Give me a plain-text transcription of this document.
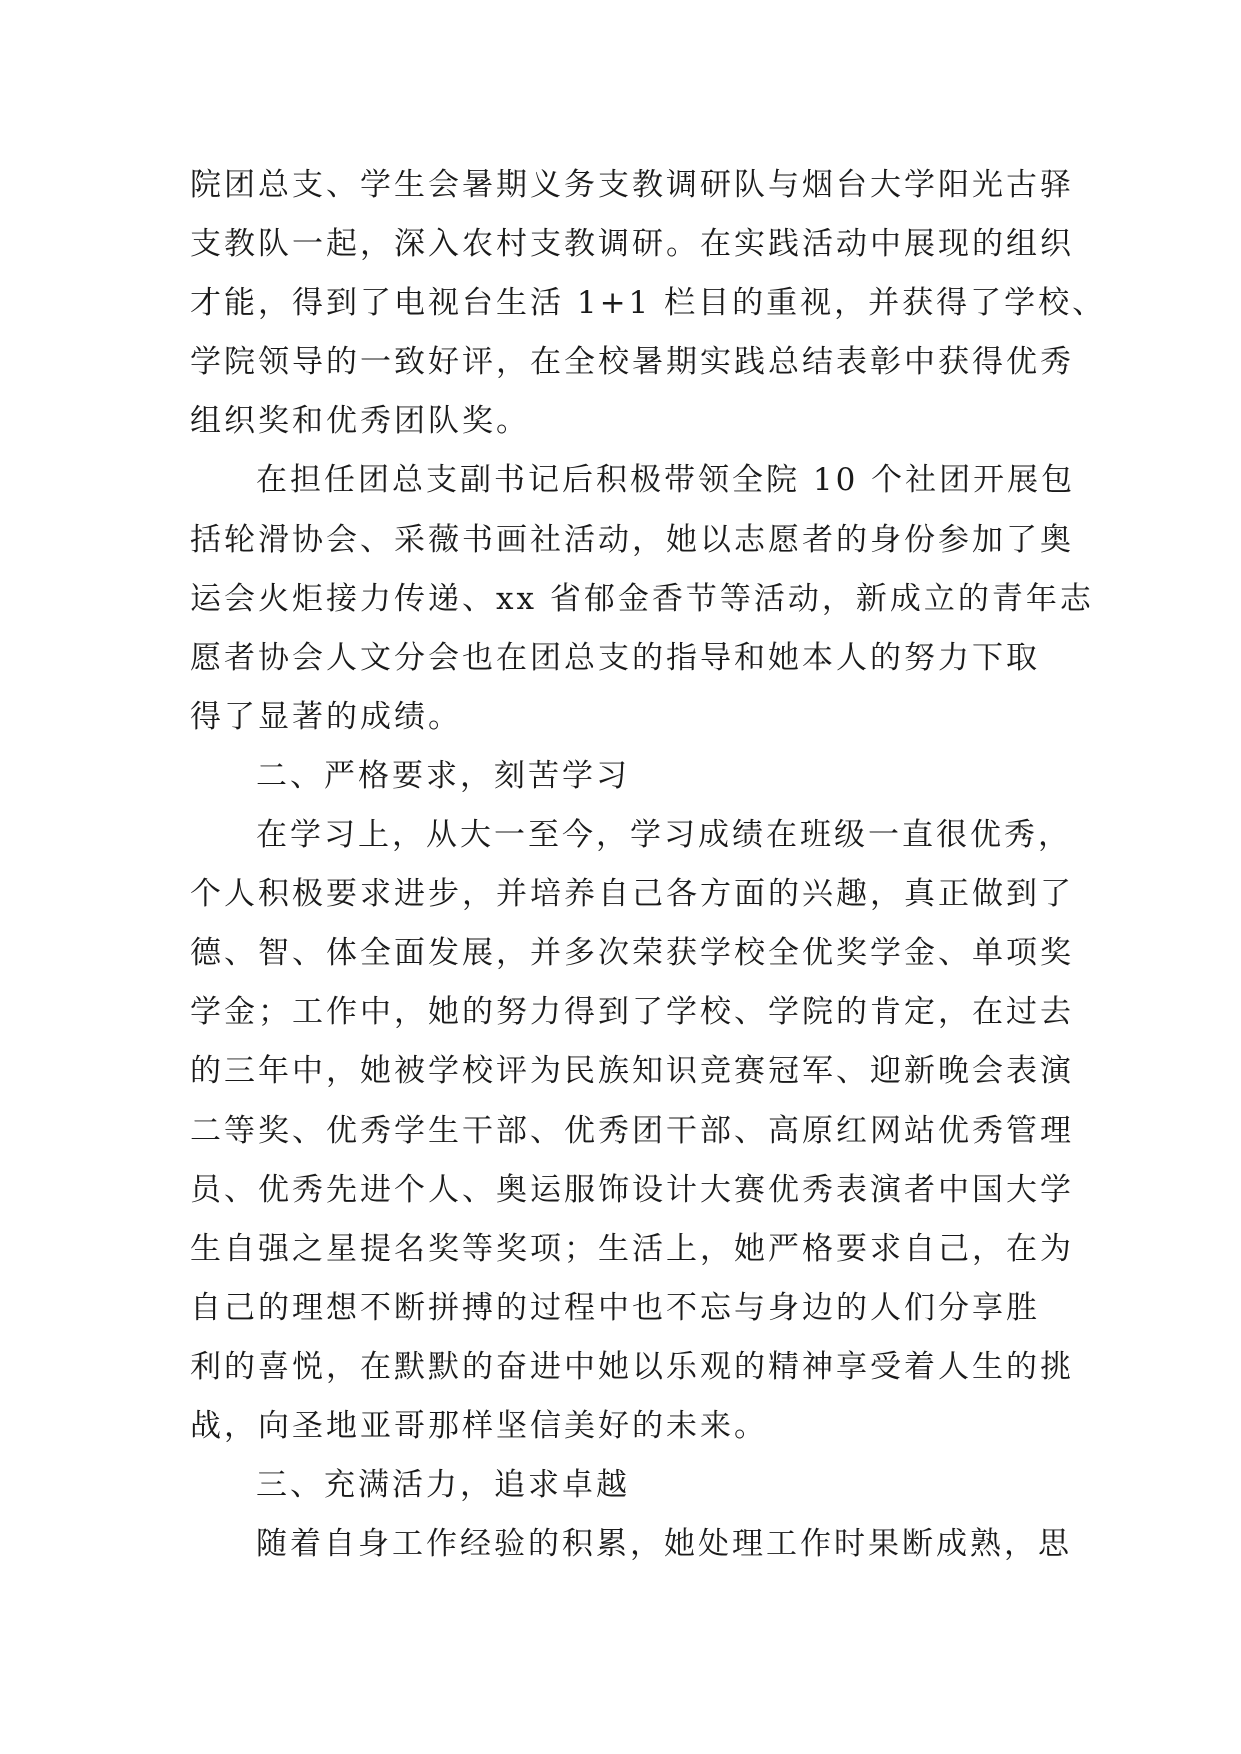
院团总支、学生会暑期义务支教调研队与烟台大学阳光古驿
支教队一起，深入农村支教调研。在实践活动中展现的组织
才能，得到了电视台生活 1+1 栏目的重视，并获得了学校、
学院领导的一致好评，在全校暑期实践总结表彰中获得优秀
组织奖和优秀团队奖。
在担任团总支副书记后积极带领全院 10 个社团开展包
括轮滑协会、采薇书画社活动，她以志愿者的身份参加了奥
运会火炬接力传递、xx 省郁金香节等活动，新成立的青年志
愿者协会人文分会也在团总支的指导和她本人的努力下取
得了显著的成绩。
二、严格要求，刻苦学习
在学习上，从大一至今，学习成绩在班级一直很优秀，
个人积极要求进步，并培养自己各方面的兴趣，真正做到了
德、智、体全面发展，并多次荣获学校全优奖学金、单项奖
学金；工作中，她的努力得到了学校、学院的肯定，在过去
的三年中，她被学校评为民族知识竞赛冠军、迎新晚会表演
二等奖、优秀学生干部、优秀团干部、高原红网站优秀管理
员、优秀先进个人、奥运服饰设计大赛优秀表演者中国大学
生自强之星提名奖等奖项；生活上，她严格要求自己，在为
自己的理想不断拼搏的过程中也不忘与身边的人们分享胜
利的喜悦，在默默的奋进中她以乐观的精神享受着人生的挑
战，向圣地亚哥那样坚信美好的未来。
三、充满活力，追求卓越
随着自身工作经验的积累，她处理工作时果断成熟，思
